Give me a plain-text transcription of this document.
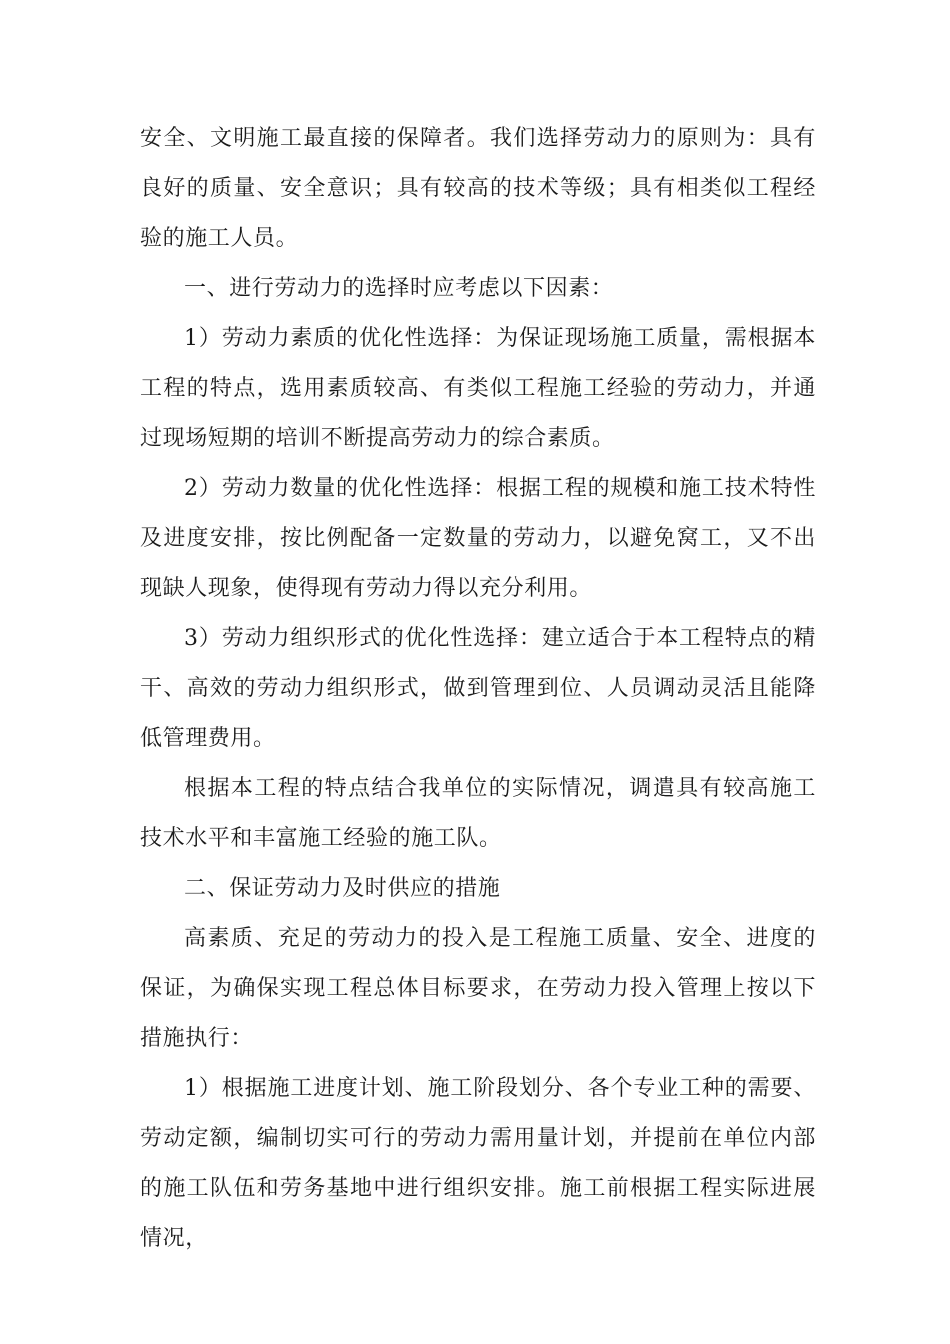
安全、文明施工最直接的保障者。我们选择劳动力的原则为：具有良好的质量、安全意识；具有较高的技术等级；具有相类似工程经验的施工人员。

一、进行劳动力的选择时应考虑以下因素：

1）劳动力素质的优化性选择：为保证现场施工质量，需根据本工程的特点，选用素质较高、有类似工程施工经验的劳动力，并通过现场短期的培训不断提高劳动力的综合素质。

2）劳动力数量的优化性选择：根据工程的规模和施工技术特性及进度安排，按比例配备一定数量的劳动力，以避免窝工，又不出现缺人现象，使得现有劳动力得以充分利用。

3）劳动力组织形式的优化性选择：建立适合于本工程特点的精干、高效的劳动力组织形式，做到管理到位、人员调动灵活且能降低管理费用。

根据本工程的特点结合我单位的实际情况，调遣具有较高施工技术水平和丰富施工经验的施工队。

二、保证劳动力及时供应的措施

高素质、充足的劳动力的投入是工程施工质量、安全、进度的保证，为确保实现工程总体目标要求，在劳动力投入管理上按以下措施执行：

1）根据施工进度计划、施工阶段划分、各个专业工种的需要、劳动定额，编制切实可行的劳动力需用量计划，并提前在单位内部的施工队伍和劳务基地中进行组织安排。施工前根据工程实际进展情况，
